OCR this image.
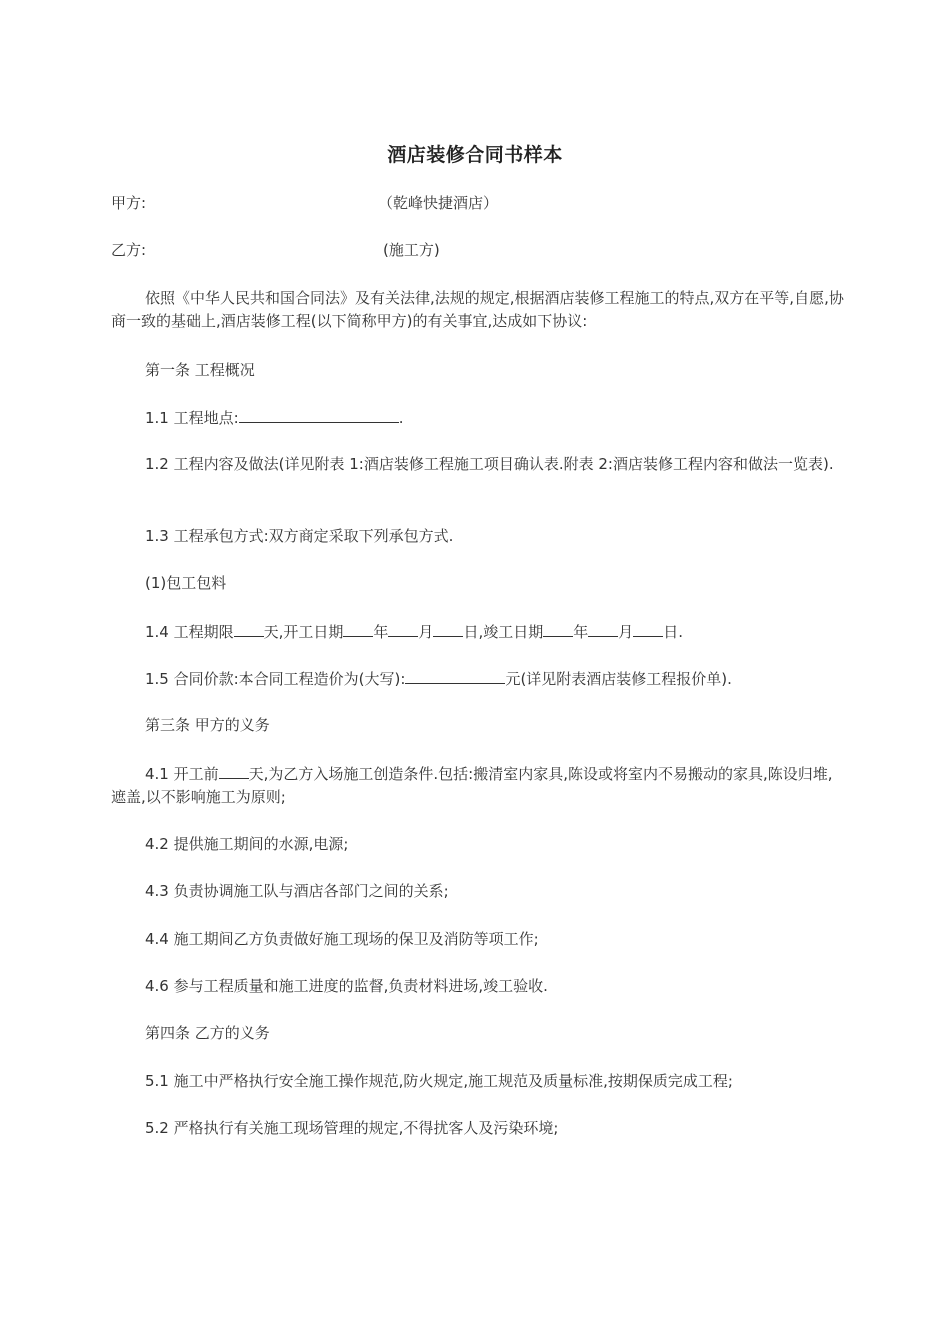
酒店装修合同书样本
甲方:	（乾峰快捷酒店）
乙方:	(施工方)
依照《中华人民共和国合同法》及有关法律,法规的规定,根据酒店装修工程施工的特点,双方在平等,自愿,协商一致的基础上,酒店装修工程(以下简称甲方)的有关事宜,达成如下协议:
第一条 工程概况
1.1 工程地点:	.
1.2 工程内容及做法(详见附表 1:酒店装修工程施工项目确认表.附表 2:酒店装修工程内容和做法一览表).
1.3 工程承包方式:双方商定采取下列承包方式.
(1)包工包料
1.4 工程期限 天,开工日期 年 月 日,竣工日期 年 月 日.
1.5 合同价款:本合同工程造价为(大写):	元(详见附表酒店装修工程报价单).
第三条 甲方的义务
4.1 开工前 天,为乙方入场施工创造条件.包括:搬清室内家具,陈设或将室内不易搬动的家具,陈设归堆,遮盖,以不影响施工为原则;
4.2 提供施工期间的水源,电源;
4.3 负责协调施工队与酒店各部门之间的关系;
4.4 施工期间乙方负责做好施工现场的保卫及消防等项工作;
4.6 参与工程质量和施工进度的监督,负责材料进场,竣工验收.
第四条 乙方的义务
5.1 施工中严格执行安全施工操作规范,防火规定,施工规范及质量标准,按期保质完成工程;
5.2 严格执行有关施工现场管理的规定,不得扰客人及污染环境;
